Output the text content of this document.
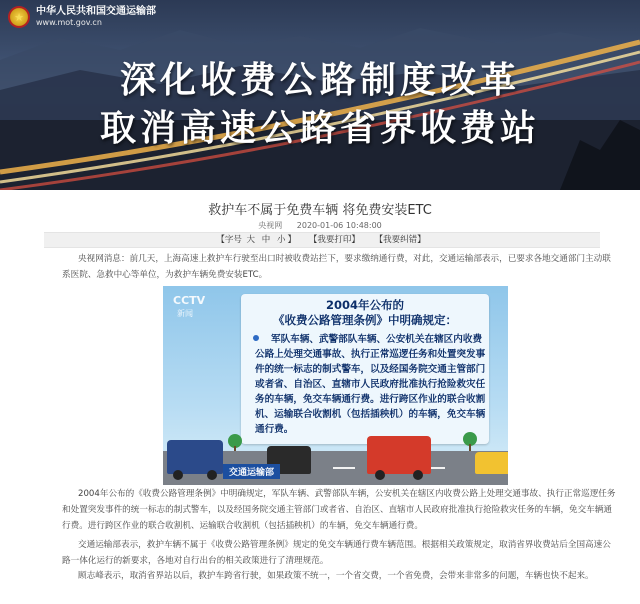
★	中华人民共和国交通运输部
www.mot.gov.cn
深化收费公路制度改革
取消高速公路省界收费站
救护车不属于免费车辆 将免费安装ETC
央视网 2020-01-06 10:48:00
【字号 大 中 小 】 【我要打印】 【我要纠错】
央视网消息：前几天，上海高速上救护车行驶至出口时被收费站拦下，要求缴纳通行费，对此，交通运输部表示，已要求各地交通部门主动联系医院、急救中心等单位，为救护车辆免费安装ETC。
CCTV
新闻
2004年公布的
《收费公路管理条例》中明确规定：
军队车辆、武警部队车辆、公安机关在辖区内收费公路上处理交通事故、执行正常巡逻任务和处置突发事件的统一标志的制式警车，以及经国务院交通主管部门或者省、自治区、直辖市人民政府批准执行抢险救灾任务的车辆，免交车辆通行费。进行跨区作业的联合收割机、运输联合收割机（包括插秧机）的车辆，免交车辆通行费。
交通运输部
2004年公布的《收费公路管理条例》中明确规定，军队车辆、武警部队车辆，公安机关在辖区内收费公路上处理交通事故、执行正常巡逻任务和处置突发事件的统一标志的制式警车，以及经国务院交通主管部门或者省、自治区、直辖市人民政府批准执行抢险救灾任务的车辆，免交车辆通行费。进行跨区作业的联合收割机、运输联合收割机（包括插秧机）的车辆，免交车辆通行费。
交通运输部表示，救护车辆不属于《收费公路管理条例》规定的免交车辆通行费车辆范围。根据相关政策规定，取消省界收费站后全国高速公路一体化运行的新要求，各地对自行出台的相关政策进行了清理规范。
顾志峰表示，取消省界站以后，救护车跨省行驶，如果政策不统一，一个省交费，一个省免费，会带来非常多的问题，车辆也快不起来。
